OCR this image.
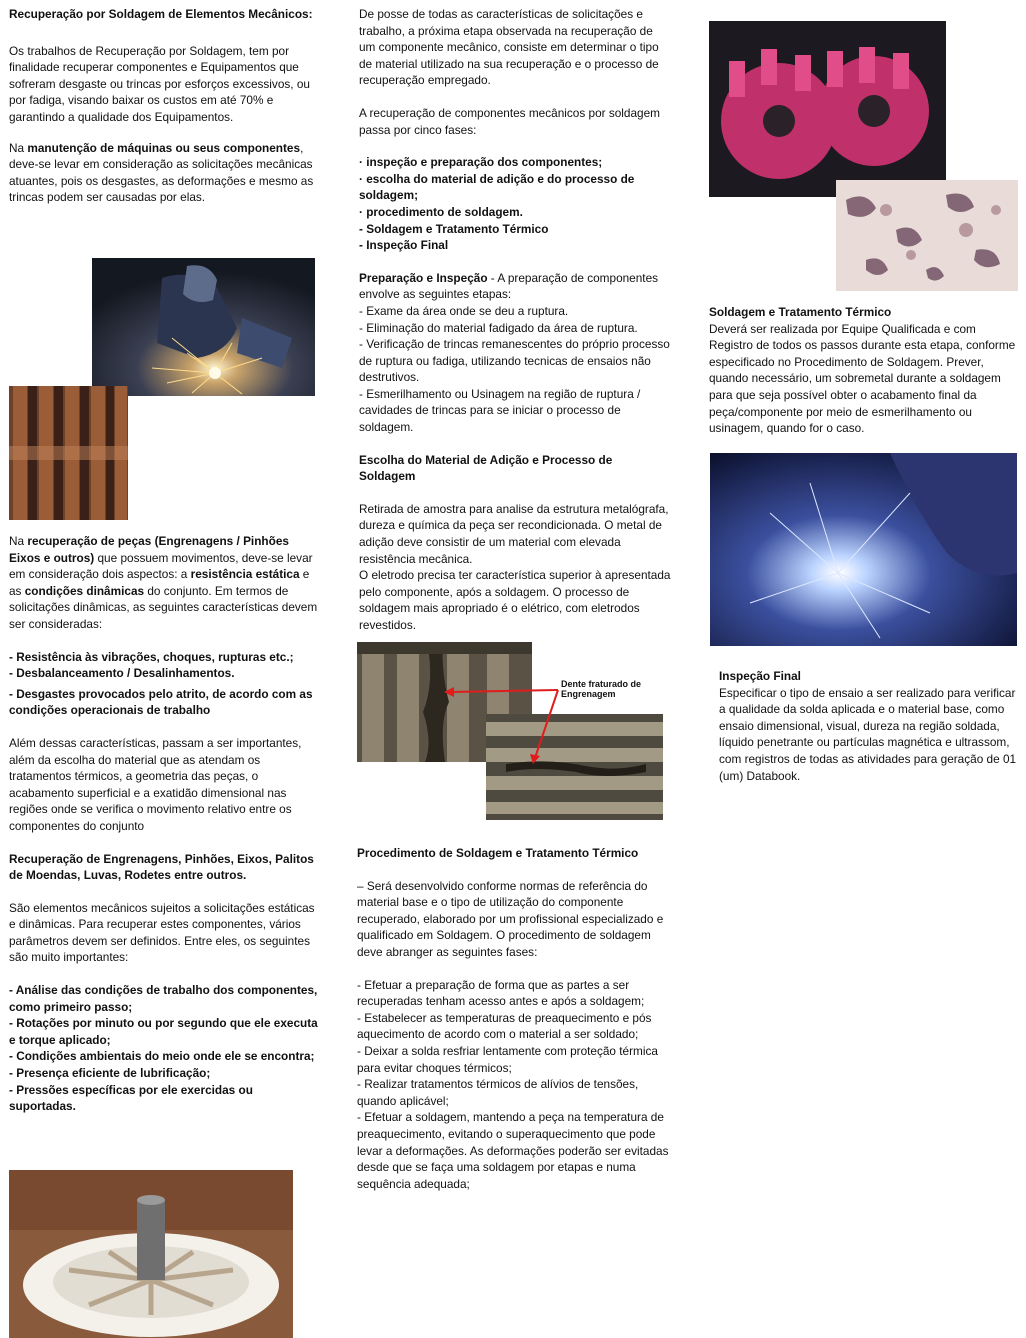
Recuperação por Soldagem de Elementos Mecânicos:

Os trabalhos de Recuperação por Soldagem, tem por finalidade recuperar componentes e Equipamentos que sofreram desgaste ou trincas por esforços excessivos, ou por fadiga, visando baixar os custos em até 70% e garantindo a qualidade dos Equipamentos.

Na manutenção de máquinas ou seus componentes, deve-se levar em consideração as solicitações mecânicas atuantes, pois os desgastes, as deformações e mesmo as trincas podem ser causadas por elas.

Na recuperação de peças (Engrenagens / Pinhões Eixos e outros) que possuem movimentos, deve-se levar em consideração dois aspectos: a resistência estática e as condições dinâmicas do conjunto. Em termos de solicitações dinâmicas, as seguintes características devem ser consideradas:

- Resistência às vibrações, choques, rupturas etc.;

- Desbalanceamento / Desalinhamentos.

- Desgastes provocados pelo atrito, de acordo com as condições operacionais de trabalho

Além dessas características, passam a ser importantes, além da escolha do material que as atendam os tratamentos térmicos, a geometria das peças, o acabamento superficial e a exatidão dimensional nas regiões onde se verifica o movimento relativo entre os componentes do conjunto

Recuperação de Engrenagens, Pinhões, Eixos, Palitos de Moendas, Luvas, Rodetes entre outros.

São elementos mecânicos sujeitos a solicitações estáticas e dinâmicas. Para recuperar estes componentes, vários parâmetros devem ser definidos. Entre eles, os seguintes são muito importantes:

- Análise das condições de trabalho dos componentes, como primeiro passo;

- Rotações por minuto ou por segundo que ele executa e torque aplicado;

- Condições ambientais do meio onde ele se encontra;

- Presença eficiente de lubrificação;

- Pressões específicas por ele exercidas ou suportadas.

De posse de todas as características de solicitações e trabalho, a próxima etapa observada na recuperação de um componente mecânico, consiste em determinar o tipo de material utilizado na sua recuperação e o processo de recuperação empregado.

A recuperação de componentes mecânicos por soldagem passa por cinco fases:

· inspeção e preparação dos componentes;

· escolha do material de adição e do processo de soldagem;

· procedimento de soldagem.

- Soldagem e Tratamento Térmico

- Inspeção Final

Preparação e Inspeção - A preparação de componentes envolve as seguintes etapas:

- Exame da área onde se deu a ruptura.

- Eliminação do material fadigado da área de ruptura.

- Verificação de trincas remanescentes do próprio processo de ruptura ou fadiga, utilizando tecnicas de ensaios não destrutivos.

- Esmerilhamento ou Usinagem na região de ruptura / cavidades de trincas para se iniciar o processo de soldagem.

Escolha do Material de Adição e Processo de Soldagem

Retirada de amostra para analise da estrutura metalógrafa, dureza e química da peça ser recondicionada. O metal de adição deve consistir de um material com elevada resistência mecânica.

O eletrodo precisa ter característica superior à apresentada pelo componente, após a soldagem. O processo de soldagem mais apropriado é o elétrico, com eletrodos revestidos.

Dente fraturado de Engrenagem

Procedimento de Soldagem e Tratamento Térmico

– Será desenvolvido conforme normas de referência do material base e o tipo de utilização do componente recuperado, elaborado por um profissional especializado e qualificado em Soldagem. O procedimento de soldagem deve abranger as seguintes fases:

- Efetuar a preparação de forma que as partes a ser recuperadas tenham acesso antes e após a soldagem;

- Estabelecer as temperaturas de preaquecimento e pós aquecimento de acordo com o material a ser soldado;

- Deixar a solda resfriar lentamente com proteção térmica para evitar choques térmicos;

- Realizar tratamentos térmicos de alívios de tensões, quando aplicável;

- Efetuar a soldagem, mantendo a peça na temperatura de preaquecimento, evitando o superaquecimento que pode levar a deformações. As deformações poderão ser evitadas desde que se faça uma soldagem por etapas e numa sequência adequada;

Soldagem e Tratamento Térmico

Deverá ser realizada por Equipe Qualificada e com Registro de todos os passos durante esta etapa, conforme especificado no Procedimento de Soldagem. Prever, quando necessário, um sobremetal durante a soldagem para que seja possível obter o acabamento final da peça/componente por meio de esmerilhamento ou usinagem, quando for o caso.

Inspeção Final

Especificar o tipo de ensaio a ser realizado para verificar a qualidade da solda aplicada e o material base, como ensaio dimensional, visual, dureza na região soldada, líquido penetrante ou partículas magnética e ultrassom, com registros de todas as atividades para geração de 01 (um) Databook.
